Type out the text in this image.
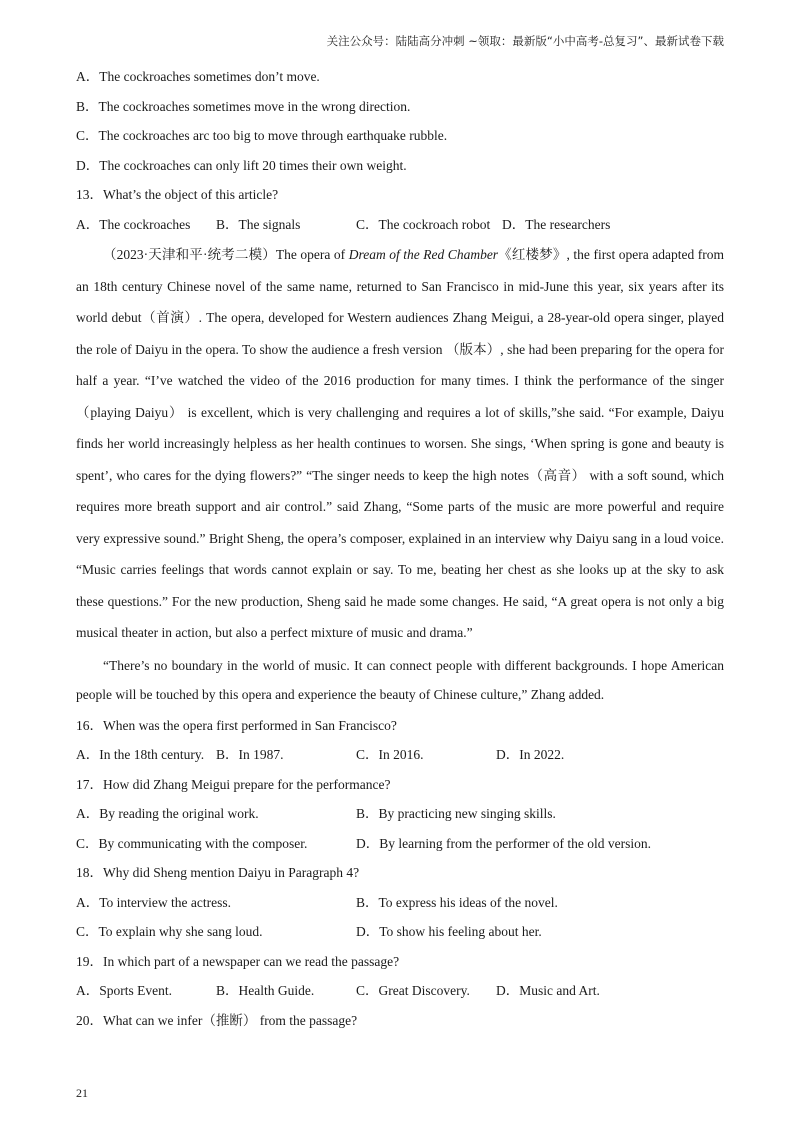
关注公众号：陆陆高分冲刺 ~领取：最新版“小中高考-总复习”、最新试卷下载
A．The cockroaches sometimes don’t move.
B．The cockroaches sometimes move in the wrong direction.
C．The cockroaches arc too big to move through earthquake rubble.
D．The cockroaches can only lift 20 times their own weight.
13．What’s the object of this article?
A．The cockroaches	B．The signals	C．The cockroach robot D．The researchers

（2023·天津和平·统考二模）The opera of Dream of the Red Chamber《红楼梦》, the first opera adapted from an 18th century Chinese novel of the same name, returned to San Francisco in mid-June this year, six years after its world debut（首演）. The opera, developed for Western audiences Zhang Meigui, a 28-year-old opera singer, played the role of Daiyu in the opera. To show the audience a fresh version （版本）, she had been preparing for the opera for half a year. “I’ve watched the video of the 2016 production for many times. I think the performance of the singer （playing Daiyu） is excellent, which is very challenging and requires a lot of skills,”she said. “For example, Daiyu finds her world increasingly helpless as her health continues to worsen. She sings, ‘When spring is gone and beauty is spent’, who cares for the dying flowers?” “The singer needs to keep the high notes（高音） with a soft sound, which requires more breath support and air control.” said Zhang, “Some parts of the music are more powerful and require very expressive sound.” Bright Sheng, the opera’s composer, explained in an interview why Daiyu sang in a loud voice. “Music carries feelings that words cannot explain or say. To me, beating her chest as she looks up at the sky to ask these questions.” For the new production, Sheng said he made some changes. He said, “A great opera is not only a big musical theater in action, but also a perfect mixture of music and drama.”

“There’s no boundary in the world of music. It can connect people with different backgrounds. I hope American people will be touched by this opera and experience the beauty of Chinese culture,” Zhang added.

16．When was the opera first performed in San Francisco?
A．In the 18th century. B．In 1987.	C．In 2016.	D．In 2022.
17．How did Zhang Meigui prepare for the performance?
A．By reading the original work.	B．By practicing new singing skills.
C．By communicating with the composer.	D．By learning from the performer of the old version.
18．Why did Sheng mention Daiyu in Paragraph 4?
A．To interview the actress.	B．To express his ideas of the novel.
C．To explain why she sang loud.	D．To show his feeling about her.
19．In which part of a newspaper can we read the passage?
A．Sports Event.	B．Health Guide.	C．Great Discovery.	D．Music and Art.
20．What can we infer（推断） from the passage?
21
